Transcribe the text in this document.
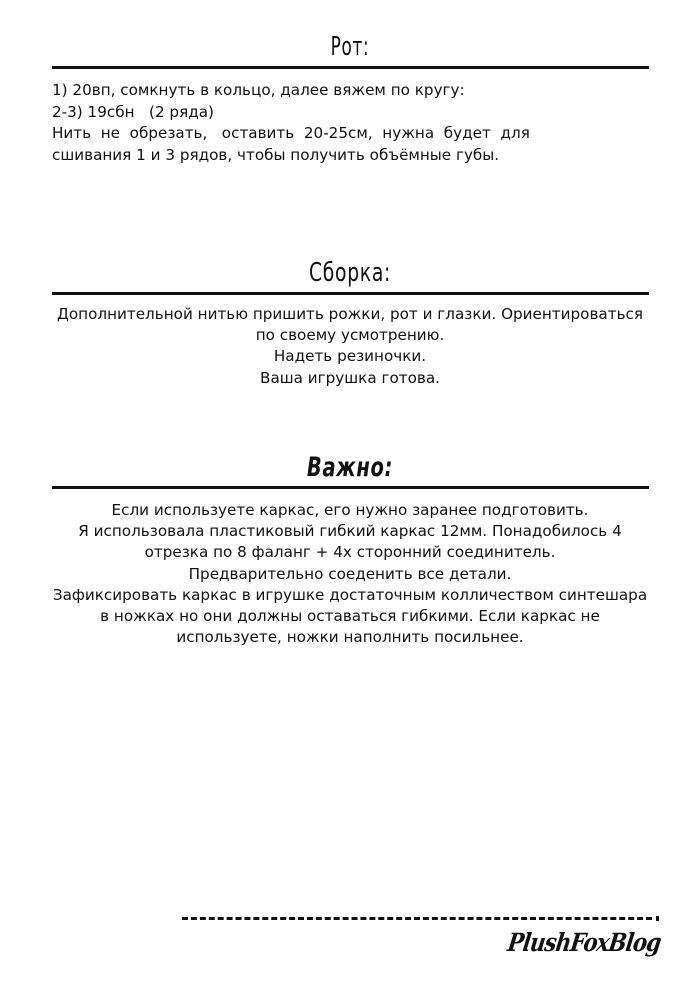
Рот:
1) 20вп, сомкнуть в кольцо, далее вяжем по кругу:
2-3) 19сбн   (2 ряда)
Нить  не  обрезать,   оставить  20-25см,  нужна  будет  для
сшивания 1 и 3 рядов, чтобы получить объёмные губы.
Сборка:
Дополнительной нитью пришить рожки, рот и глазки. Ориентироваться
по своему усмотрению.
Надеть резиночки.
Ваша игрушка готова.
Важно:
Если используете каркас, его нужно заранее подготовить.
Я использовала пластиковый гибкий каркас 12мм. Понадобилось 4
отрезка по 8 фаланг + 4х сторонний соединитель.
Предварительно соеденить все детали.
Зафиксировать каркас в игрушке достаточным колличеством синтешара
в ножках но они должны оставаться гибкими. Если каркас не
используете, ножки наполнить посильнее.
PlushFoxBlog
